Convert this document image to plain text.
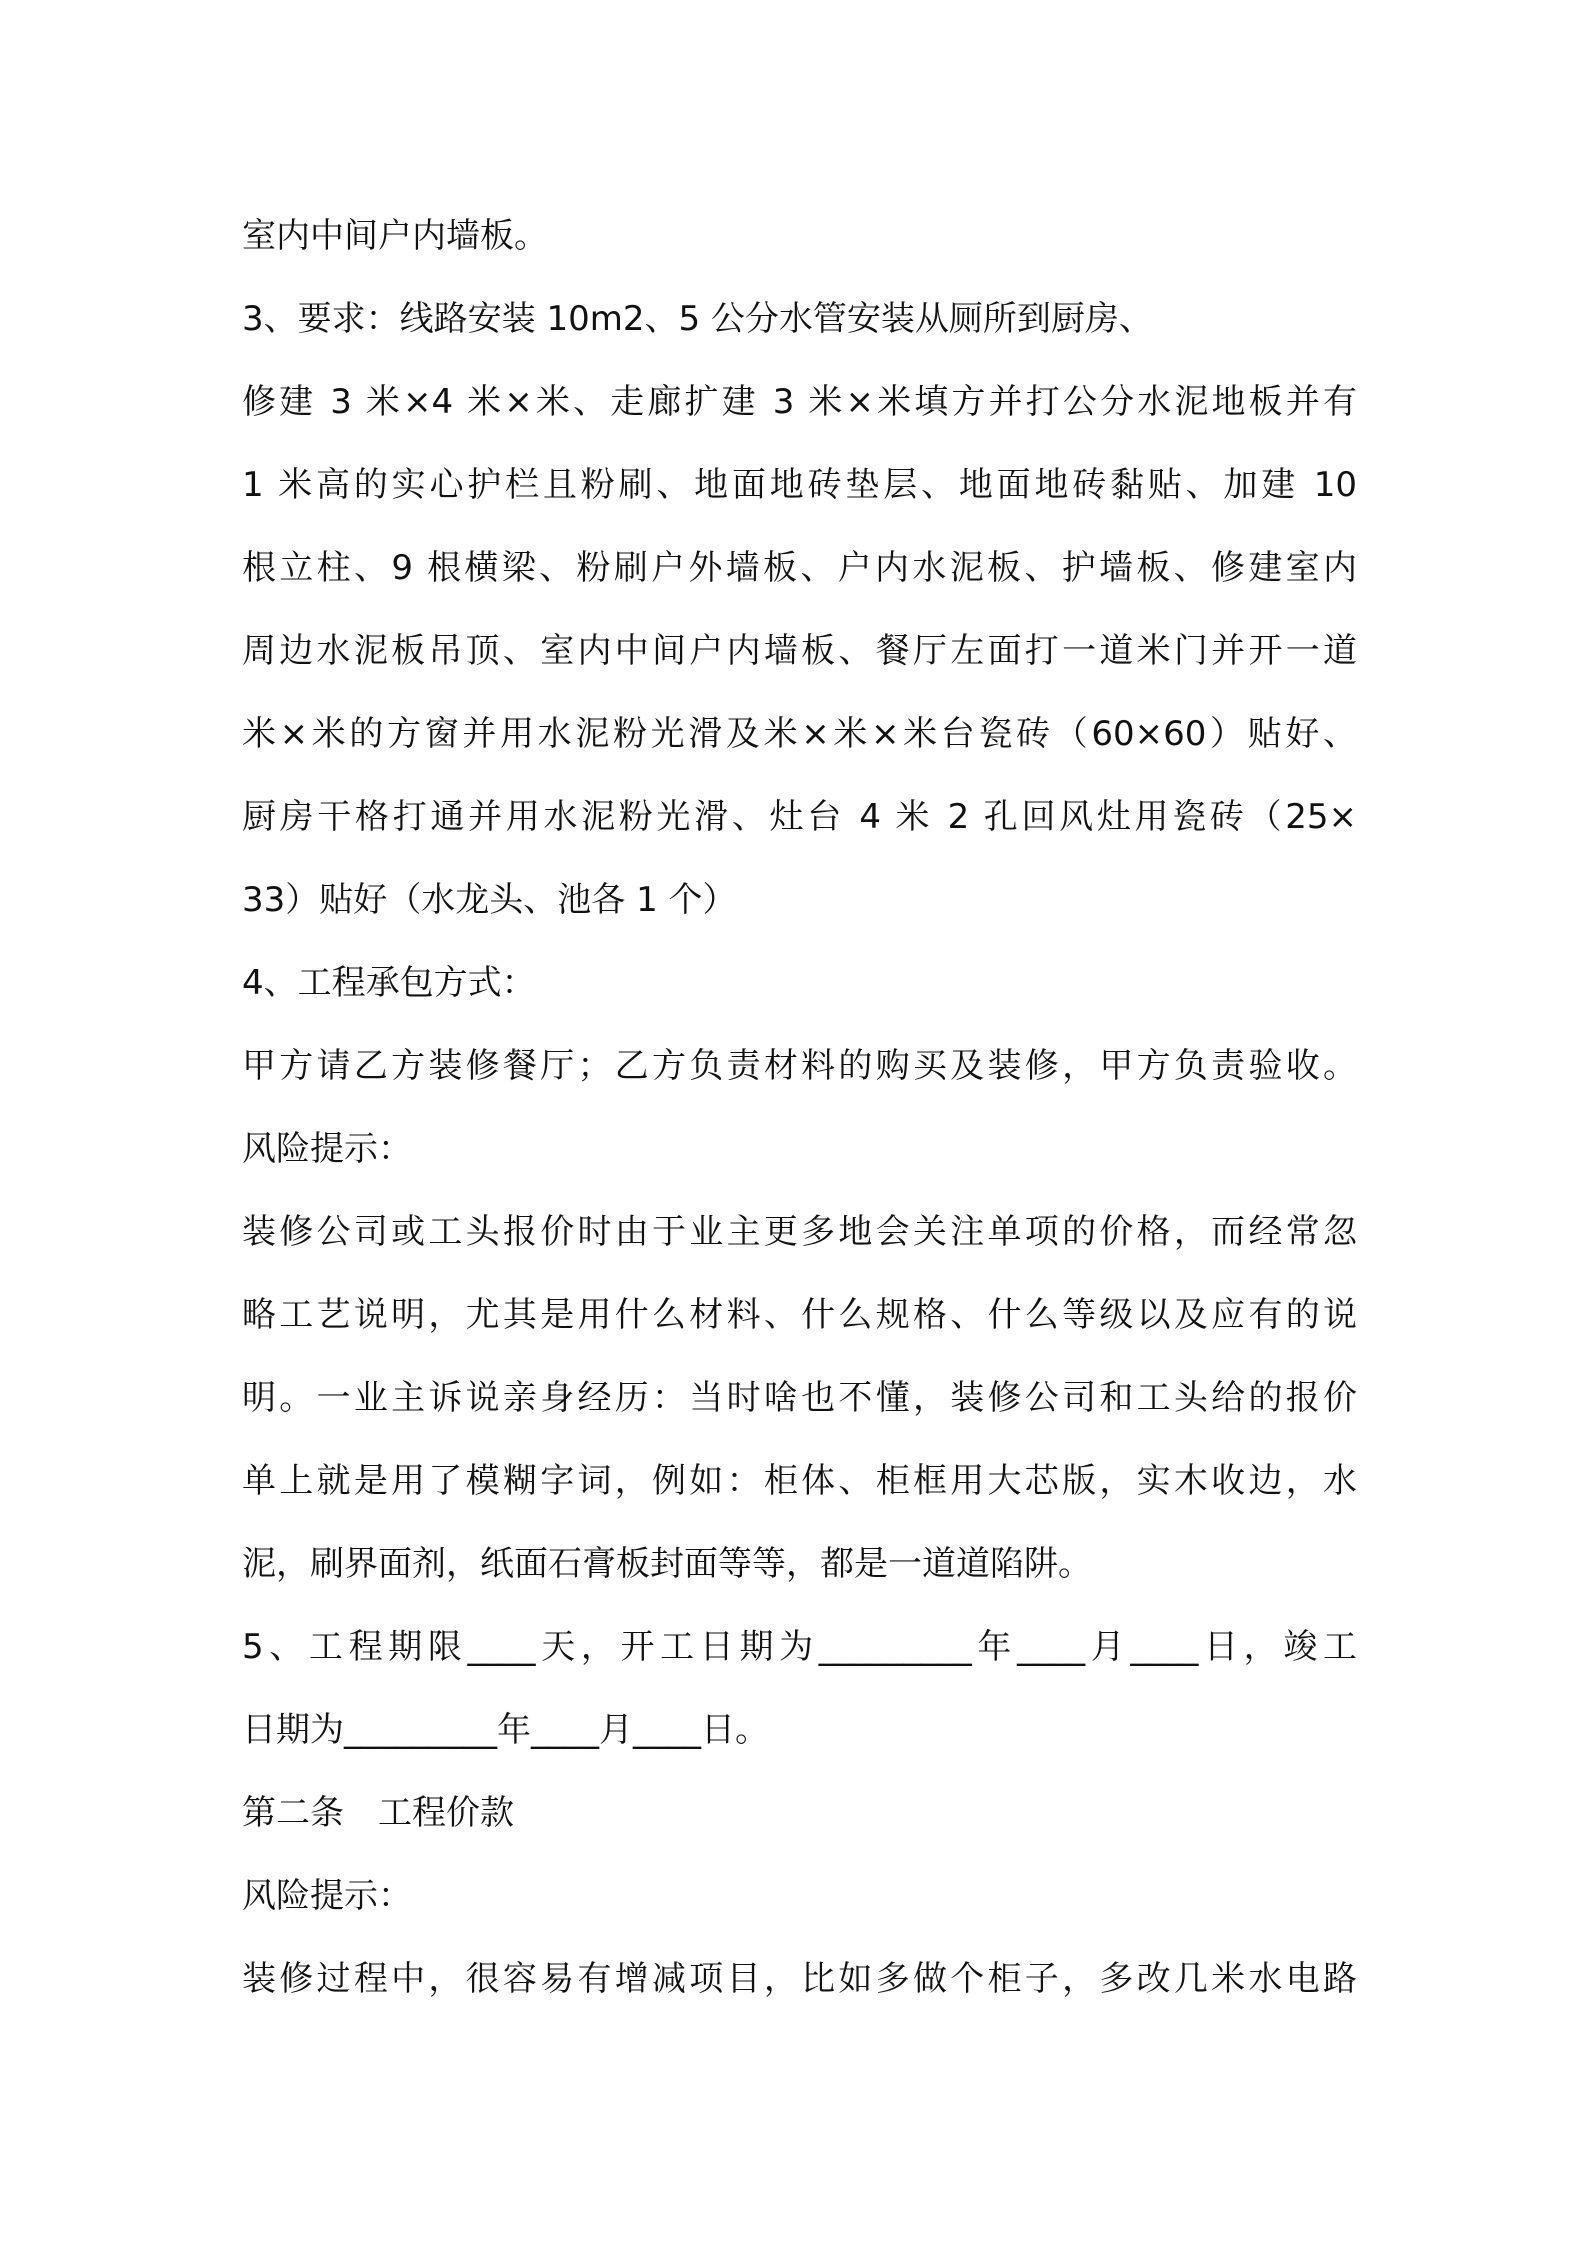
室内中间户内墙板。
3、要求：线路安装 10m2、5 公分水管安装从厕所到厨房、
修建 3 米×4 米×米、走廊扩建 3 米×米填方并打公分水泥地板并有
1 米高的实心护栏且粉刷、地面地砖垫层、地面地砖黏贴、加建 10
根立柱、9 根横梁、粉刷户外墙板、户内水泥板、护墙板、修建室内
周边水泥板吊顶、室内中间户内墙板、餐厅左面打一道米门并开一道
米×米的方窗并用水泥粉光滑及米×米×米台瓷砖（60×60）贴好、
厨房干格打通并用水泥粉光滑、灶台 4 米 2 孔回风灶用瓷砖（25×
33）贴好（水龙头、池各 1 个）
4、工程承包方式：
甲方请乙方装修餐厅；乙方负责材料的购买及装修，甲方负责验收。
风险提示：
装修公司或工头报价时由于业主更多地会关注单项的价格，而经常忽
略工艺说明，尤其是用什么材料、什么规格、什么等级以及应有的说
明。一业主诉说亲身经历：当时啥也不懂，装修公司和工头给的报价
单上就是用了模糊字词，例如：柜体、柜框用大芯版，实木收边，水
泥，刷界面剂，纸面石膏板封面等等，都是一道道陷阱。
5、工程期限____天，开工日期为_________年____月____日，竣工
日期为_________年____月____日。
第二条　工程价款
风险提示：
装修过程中，很容易有增减项目，比如多做个柜子，多改几米水电路
